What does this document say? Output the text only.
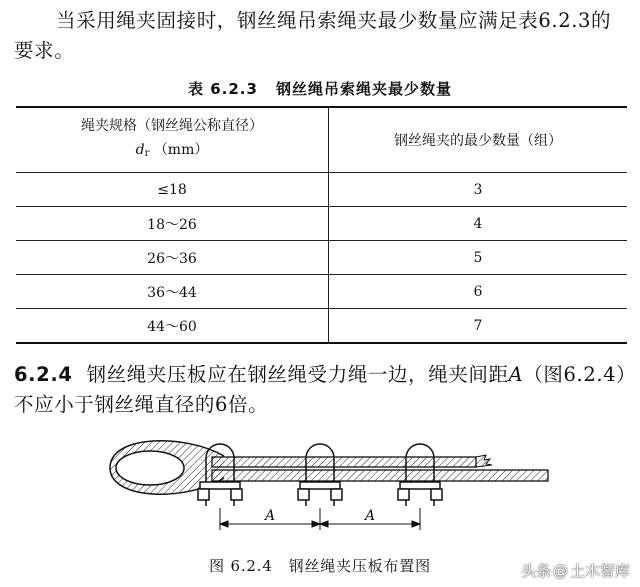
当采用绳夹固接时，钢丝绳吊索绳夹最少数量应满足表6.2.3的要求。
表 6.2.3 钢丝绳吊索绳夹最少数量
绳夹规格（钢丝绳公称直径）
$d_r$ （mm）	钢丝绳夹的最少数量（组）
≤18	3
18～26	4
26～36	5
36～44	6
44～60	7
6.2.4 钢丝绳夹压板应在钢丝绳受力绳一边，绳夹间距A（图6.2.4）不应小于钢丝绳直径的6倍。
A	A
图 6.2.4 钢丝绳夹压板布置图	头条 @ 土木智库
